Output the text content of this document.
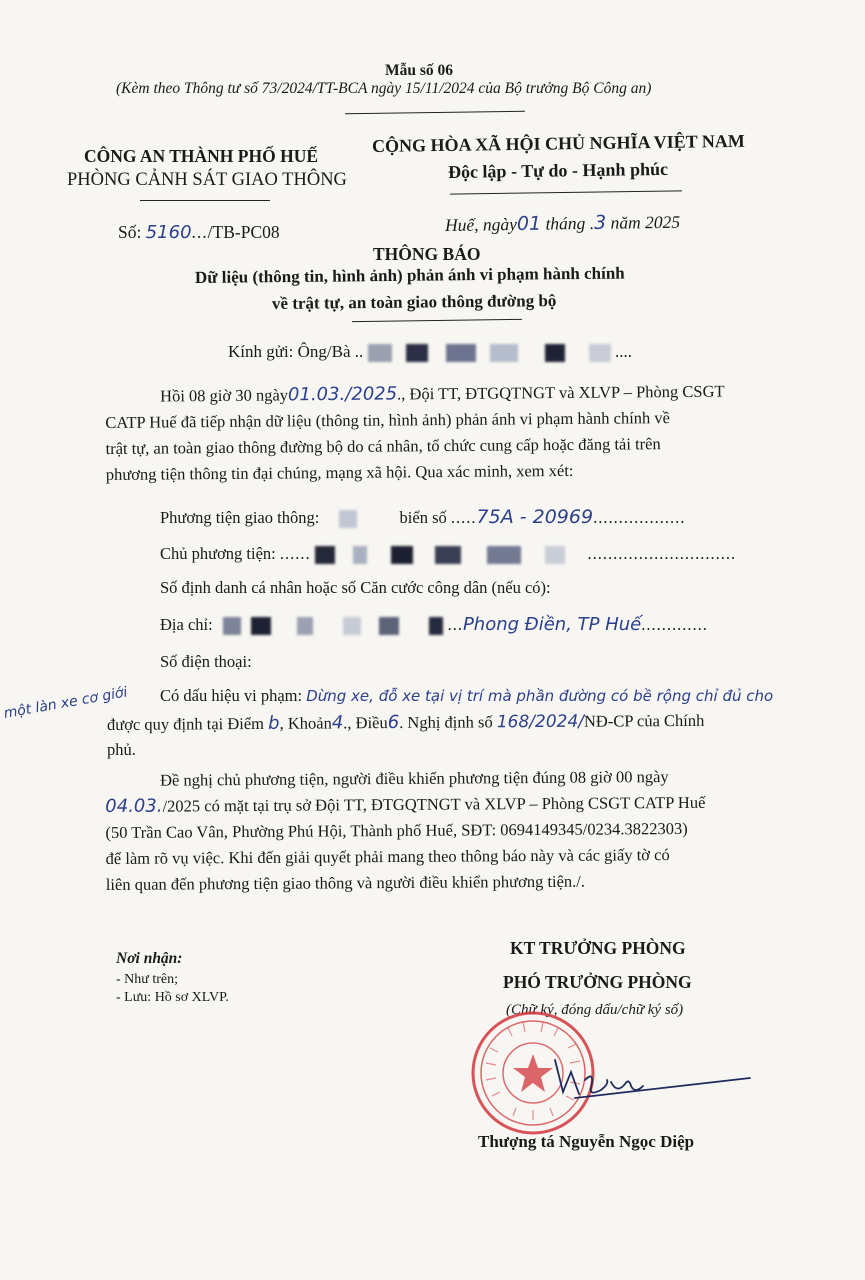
Mẫu số 06
(Kèm theo Thông tư số 73/2024/TT-BCA ngày 15/11/2024 của Bộ trưởng Bộ Công an)
CÔNG AN THÀNH PHỐ HUẾ
PHÒNG CẢNH SÁT GIAO THÔNG
Số: 5160.../TB-PC08
CỘNG HÒA XÃ HỘI CHỦ NGHĨA VIỆT NAM
Độc lập - Tự do - Hạnh phúc
Huế, ngày01 tháng .3 năm 2025
THÔNG BÁO
Dữ liệu (thông tin, hình ảnh) phản ánh vi phạm hành chính
về trật tự, an toàn giao thông đường bộ
Kính gửi: Ông/Bà ..	....
Hồi 08 giờ 30 ngày01.03./2025., Đội TT, ĐTGQTNGT và XLVP – Phòng CSGT
CATP Huế đã tiếp nhận dữ liệu (thông tin, hình ảnh) phản ánh vi phạm hành chính về
trật tự, an toàn giao thông đường bộ do cá nhân, tổ chức cung cấp hoặc đăng tải trên
phương tiện thông tin đại chúng, mạng xã hội. Qua xác minh, xem xét:
Phương tiện giao thông:	biển số .....75A - 20969..................
Chủ phương tiện: ......	.............................
Số định danh cá nhân hoặc số Căn cước công dân (nếu có):
Địa chỉ:	...Phong Điền, TP Huế.............
Số điện thoại:
Có dấu hiệu vi phạm: Dừng xe, đỗ xe tại vị trí mà phần đường có bề rộng chỉ đủ cho
một làn xe cơ giới
được quy định tại Điểm b, Khoản4., Điều6. Nghị định số 168/2024/NĐ-CP của Chính
phủ.
Đề nghị chủ phương tiện, người điều khiển phương tiện đúng 08 giờ 00 ngày
04.03./2025 có mặt tại trụ sở Đội TT, ĐTGQTNGT và XLVP – Phòng CSGT CATP Huế
(50 Trần Cao Vân, Phường Phú Hội, Thành phố Huế, SĐT: 0694149345/0234.3822303)
để làm rõ vụ việc. Khi đến giải quyết phải mang theo thông báo này và các giấy tờ có
liên quan đến phương tiện giao thông và người điều khiển phương tiện./.
Nơi nhận:
- Như trên;
- Lưu: Hồ sơ XLVP.
KT TRƯỞNG PHÒNG
PHÓ TRƯỞNG PHÒNG
(Chữ ký, đóng dấu/chữ ký số)
Thượng tá Nguyễn Ngọc Diệp
